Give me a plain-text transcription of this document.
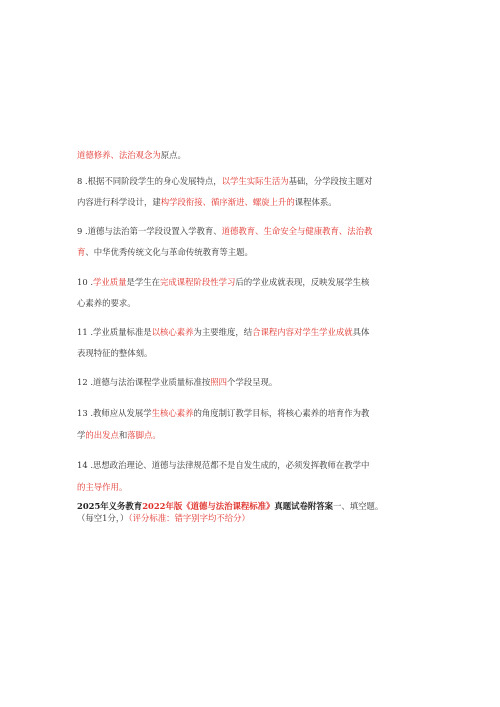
道德修养、法治观念为原点。
8 .根据不同阶段学生的身心发展特点，以学生实际生活为基础，分学段按主题对
内容进行科学设计，建构学段衔接、循序渐进、螺旋上升的课程体系。
9 .道德与法治第一学段设置入学教育、道德教育、生命安全与健康教育、法治教
育、中华优秀传统文化与革命传统教育等主题。
10 .学业质量是学生在完成课程阶段性学习后的学业成就表现，反映发展学生核
心素养的要求。
11 .学业质量标准是以核心素养为主要维度，结合课程内容对学生学业成就具体
表现特征的整体刻。
12 .道德与法治课程学业质量标准按照四个学段呈现。
13 .教师应从发展学生核心素养的角度制订教学目标，将核心素养的培育作为教
学的出发点和落脚点。
14 .思想政治理论、道德与法律规范都不是自发生成的，必须发挥教师在教学中
的主导作用。
2025年义务教育2022年版《道德与法治课程标准》真题试卷附答案一、填空题。
（每空1分，）（评分标准：错字别字均不给分）
